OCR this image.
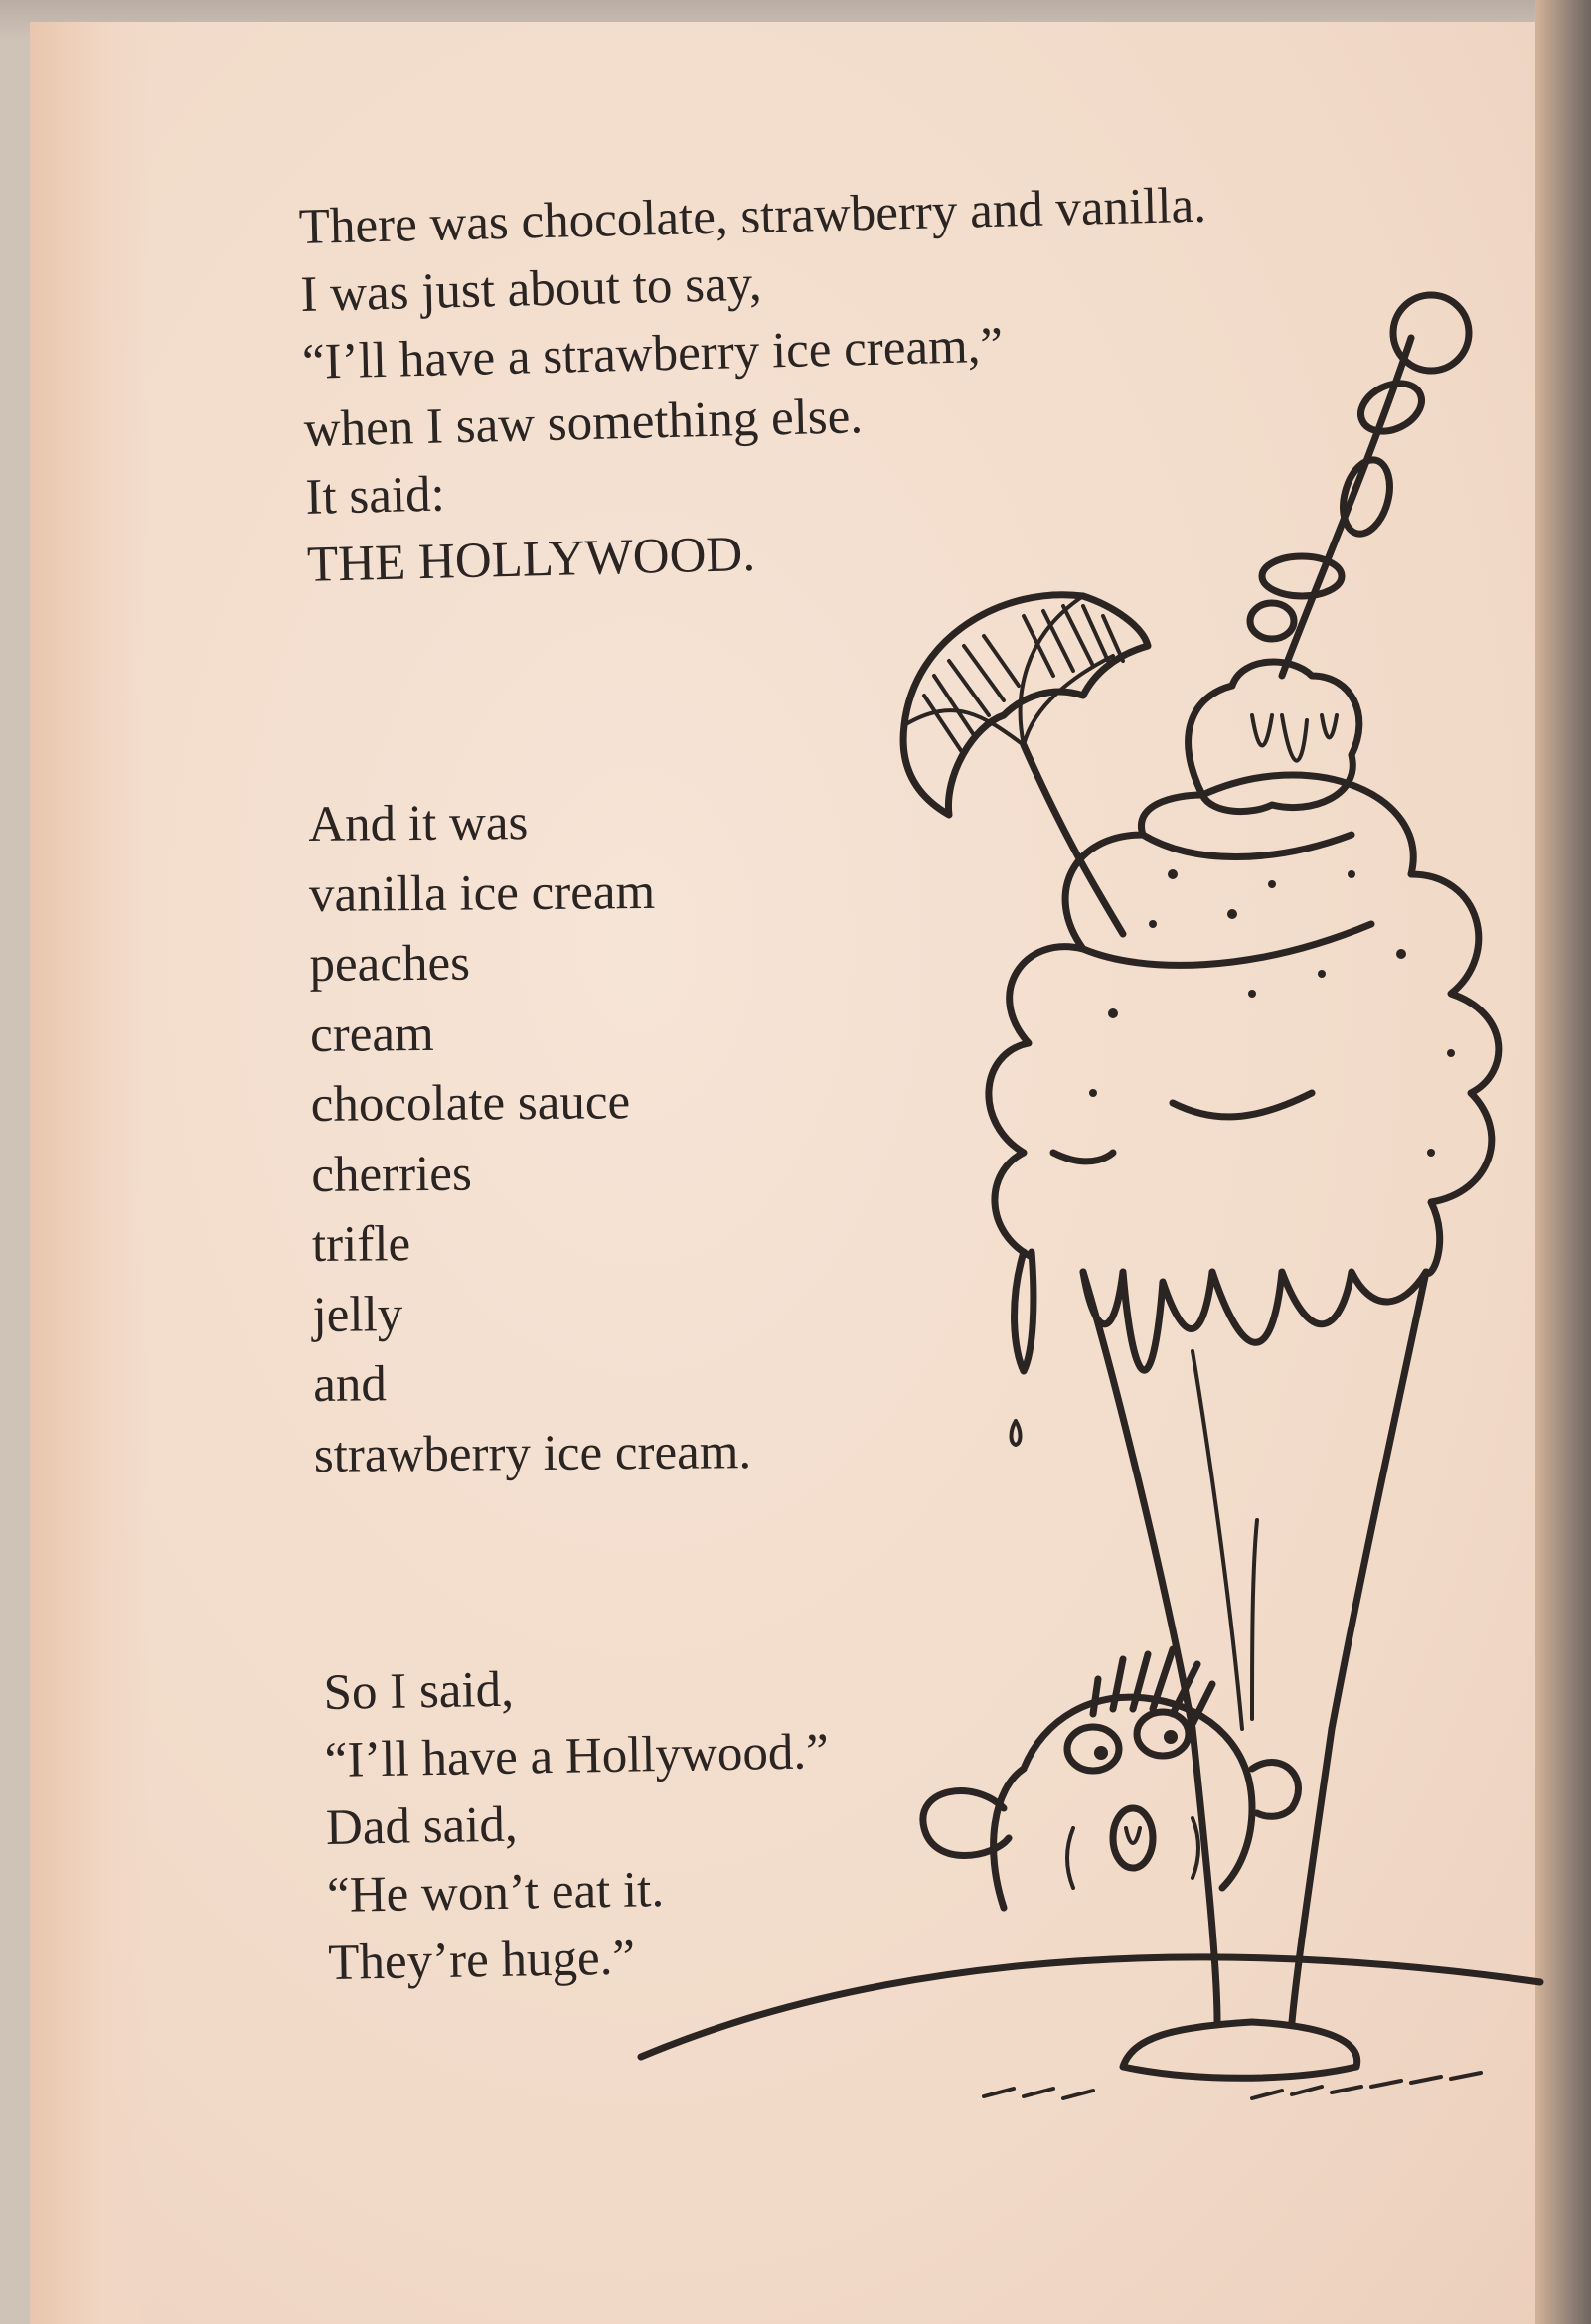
There was chocolate, strawberry and vanilla.
I was just about to say,
“I’ll have a strawberry ice cream,”
when I saw something else.
It said:
THE HOLLYWOOD.
And it was
vanilla ice cream
peaches
cream
chocolate sauce
cherries
trifle
jelly
and
strawberry ice cream.
So I said,
“I’ll have a Hollywood.”
Dad said,
“He won’t eat it.
They’re huge.”
